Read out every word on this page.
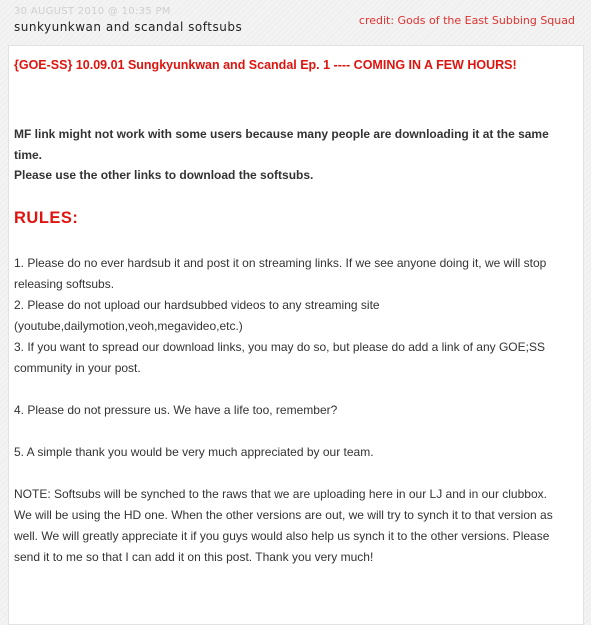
30 AUGUST 2010 @ 10:35 PM
sunkyunkwan and scandal softsubs	credit: Gods of the East Subbing Squad
{GOE-SS} 10.09.01 Sungkyunkwan and Scandal Ep. 1 ---- COMING IN A FEW HOURS!
MF link might not work with some users because many people are downloading it at the same time.
Please use the other links to download the softsubs.
RULES:
1. Please do no ever hardsub it and post it on streaming links. If we see anyone doing it, we will stop releasing softsubs.
2. Please do not upload our hardsubbed videos to any streaming site (youtube,dailymotion,veoh,megavideo,etc.)
3. If you want to spread our download links, you may do so, but please do add a link of any GOE;SS community in your post.
4. Please do not pressure us. We have a life too, remember?
5. A simple thank you would be very much appreciated by our team.
NOTE: Softsubs will be synched to the raws that we are uploading here in our LJ and in our clubbox. We will be using the HD one. When the other versions are out, we will try to synch it to that version as well. We will greatly appreciate it if you guys would also help us synch it to the other versions. Please send it to me so that I can add it on this post. Thank you very much!
